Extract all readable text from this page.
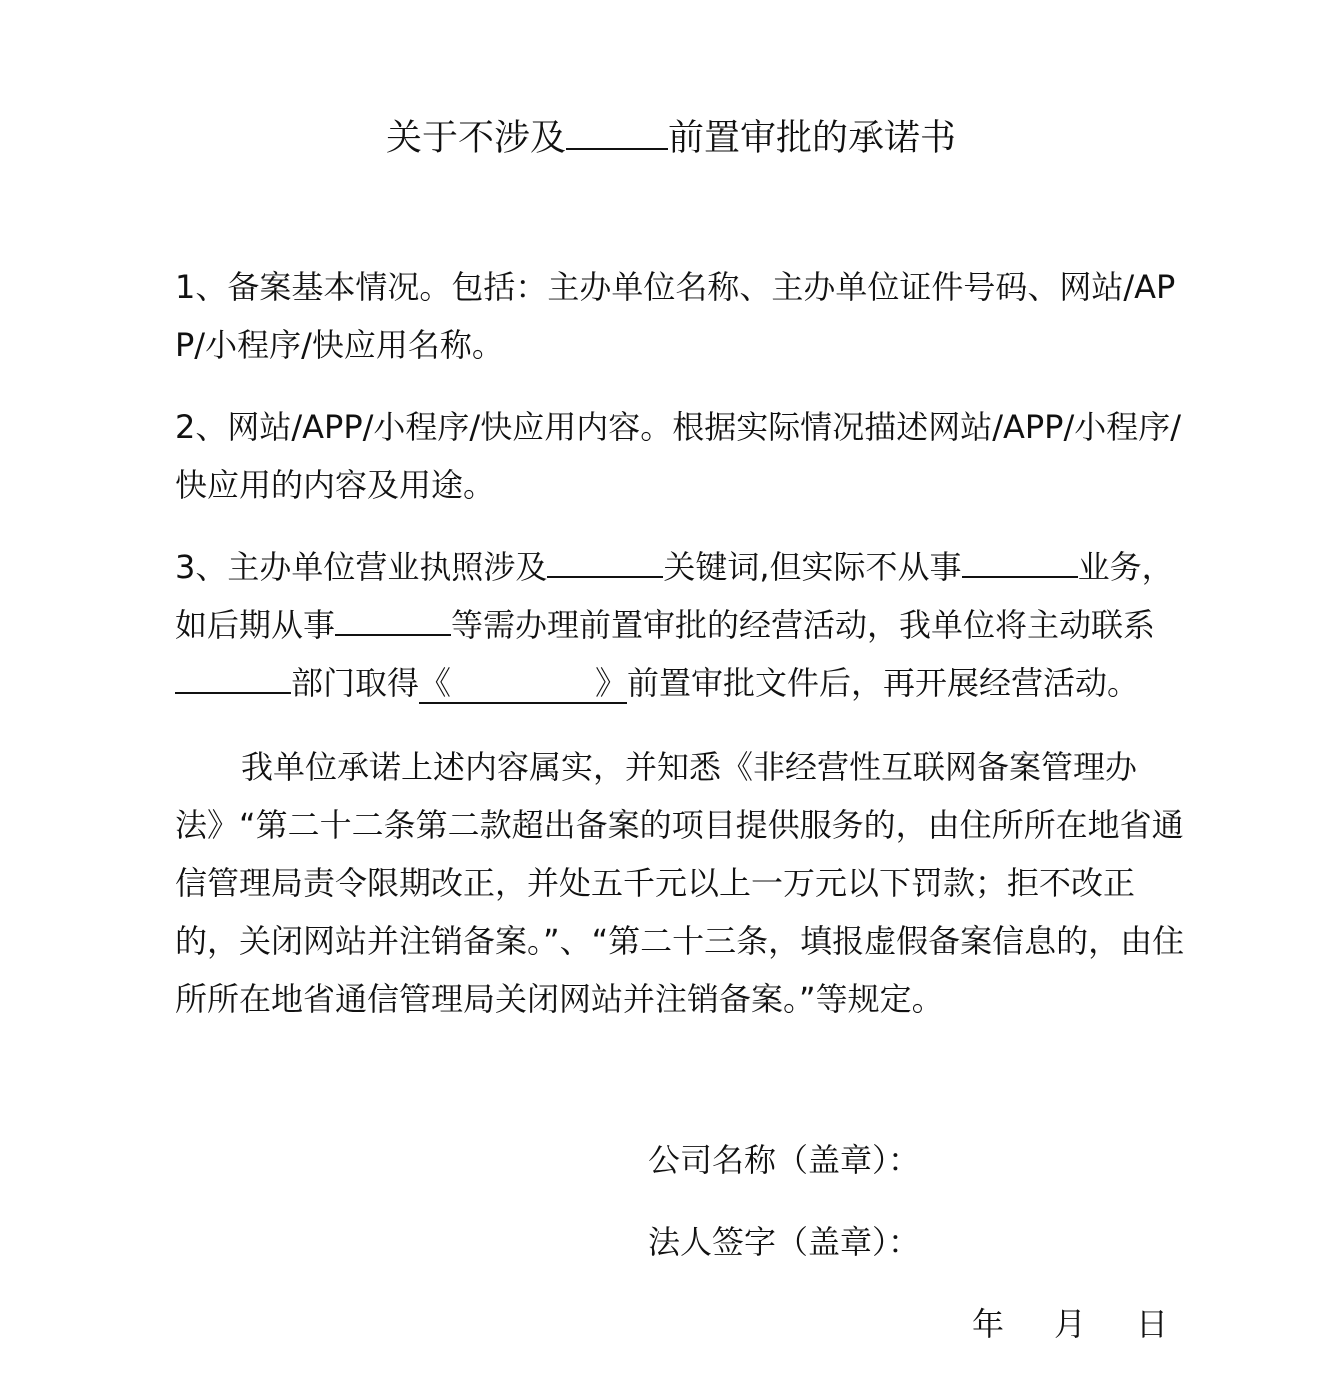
关于不涉及	前置审批的承诺书

1、备案基本情况。包括：主办单位名称、主办单位证件号码、网站/APP/小程序/快应用名称。

2、网站/APP/小程序/快应用内容。根据实际情况描述网站/APP/小程序/快应用的内容及用途。

3、主办单位营业执照涉及	关键词,但实际不从事	业务，如后期从事	等需办理前置审批的经营活动，我单位将主动联系部门取得《	》前置审批文件后，再开展经营活动。

我单位承诺上述内容属实，并知悉《非经营性互联网备案管理办法》“第二十二条第二款超出备案的项目提供服务的，由住所所在地省通信管理局责令限期改正，并处五千元以上一万元以下罚款；拒不改正的，关闭网站并注销备案。”、“第二十三条，填报虚假备案信息的，由住所所在地省通信管理局关闭网站并注销备案。”等规定。

公司名称（盖章）：
法人签字（盖章）：
年 月 日
